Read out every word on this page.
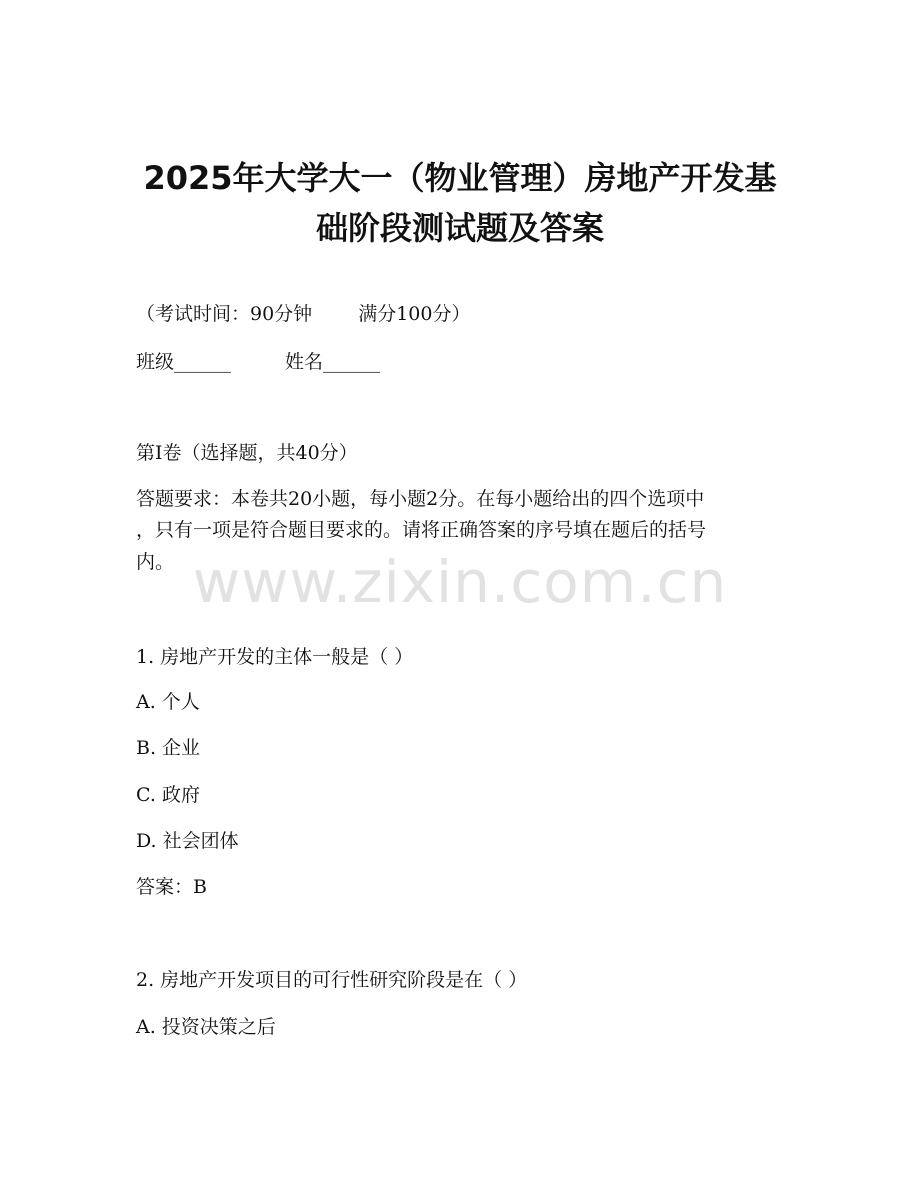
2025年大学大一（物业管理）房地产开发基
础阶段测试题及答案
（考试时间：90分钟 满分100分）
班级______	姓名______
第I卷（选择题，共40分）
答题要求：本卷共20小题，每小题2分。在每小题给出的四个选项中
，只有一项是符合题目要求的。请将正确答案的序号填在题后的括号
内。 www.zixin.com.cn
1. 房地产开发的主体一般是（ ）
A. 个人
B. 企业
C. 政府
D. 社会团体
答案：B
2. 房地产开发项目的可行性研究阶段是在（ ）
A. 投资决策之后
